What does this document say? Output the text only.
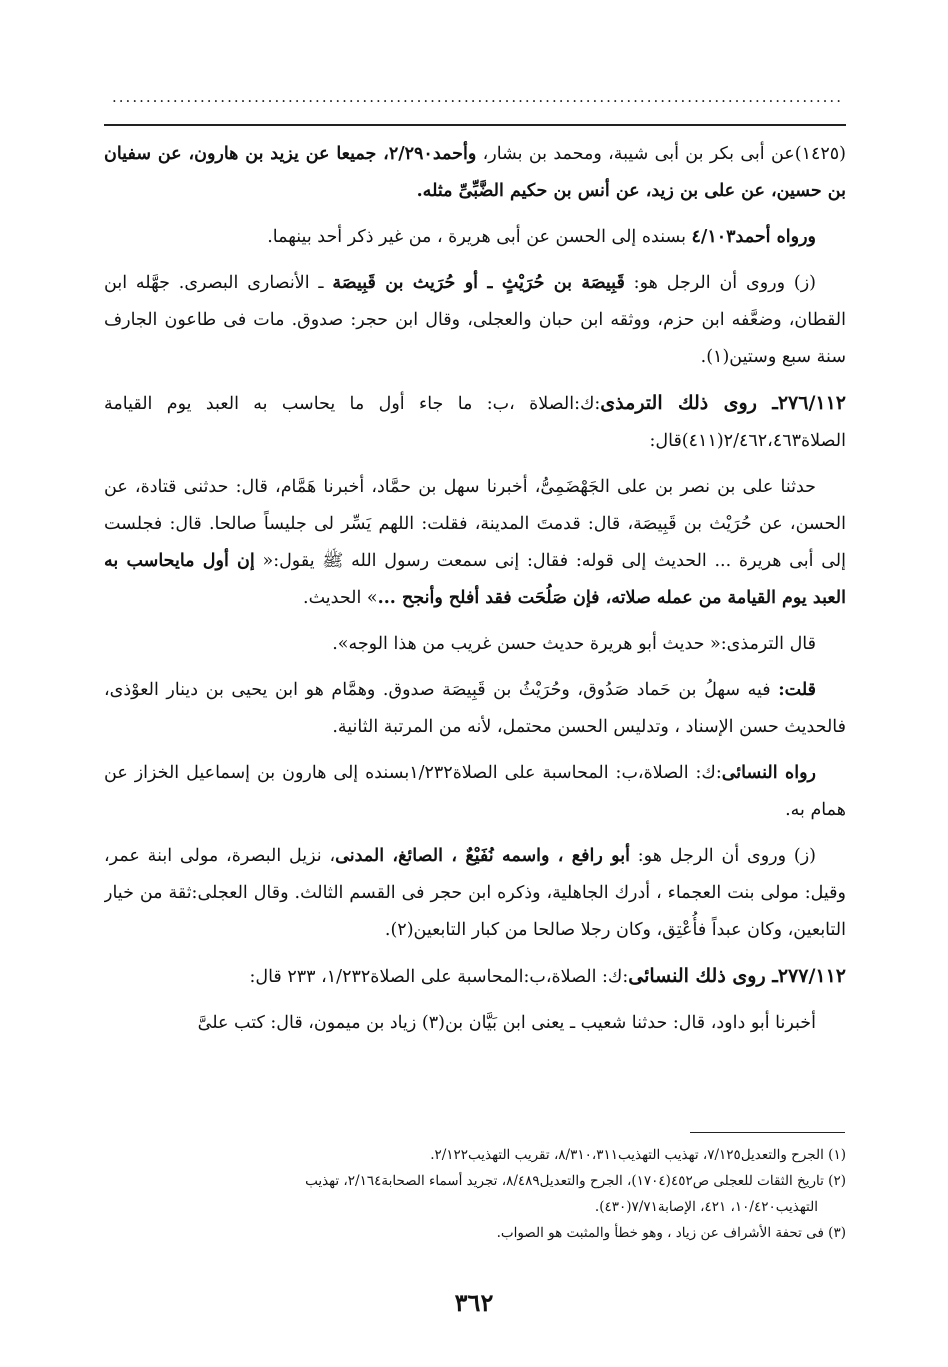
............................................................................................................

(١٤٢٥)عن أبى بكر بن أبى شيبة، ومحمد بن بشار، وأحمد٢/٢٩٠، جميعا عن يزيد بن هارون، عن سفيان بن حسين، عن على بن زيد، عن أنس بن حكيم الضَّبِّىِّ مثله.

ورواه أحمد٤/١٠٣ بسنده إلى الحسن عن أبى هريرة ، من غير ذكر أحد بينهما.

(ز) وروى أن الرجل هو: قَبِيصَة بن حُرَيْثٍ ـ أو حُرَيث بن قَبِيصَة ـ الأنصارى البصرى. جهَّله ابن القطان، وضعَّفه ابن حزم، ووثقه ابن حبان والعجلى، وقال ابن حجر: صدوق. مات فى طاعون الجارف سنة سبع وستين(١).

٢٧٦/١١٢ـ روى ذلك الترمذى:ك:الصلاة ،ب: ما جاء أول ما يحاسب به العبد يوم القيامة الصلاة٢/٤٦٢،٤٦٣(٤١١)قال:

حدثنا على بن نصر بن على الجَهْضَمِىُّ، أخبرنا سهل بن حمَّاد، أخبرنا هَمَّام، قال: حدثنى قتادة، عن الحسن، عن حُرَيْث بن قَبِيصَة، قال: قدمتَ المدينة، فقلت: اللهم يَسِّر لى جليساً صالحا. قال: فجلست إلى أبى هريرة ... الحديث إلى قوله: فقال: إنى سمعت رسول الله ﷺ يقول:« إن أول مايحاسب به العبد يوم القيامة من عمله صلاته، فإن صَلُحَت فقد أفلح وأنجح ...» الحديث.

قال الترمذى:« حديث أبو هريرة حديث حسن غريب من هذا الوجه».

قلت: فيه سهلُ بن حَماد صَدُوق، وحُرَيْثُ بن قَبِيصَة صدوق. وهمَّام هو ابن يحيى بن دينار العوْذى، فالحديث حسن الإسناد ، وتدليس الحسن محتمل، لأنه من المرتبة الثانية.

رواه النسائى:ك: الصلاة،ب: المحاسبة على الصلاة١/٢٣٢بسنده إلى هارون بن إسماعيل الخزاز عن همام به.

(ز) وروى أن الرجل هو: أبو رافع ، واسمه نُفَيْعٌ ، الصائغ، المدنى، نزيل البصرة، مولى ابنة عمر، وقيل: مولى بنت العجماء ، أدرك الجاهلية، وذكره ابن حجر فى القسم الثالث. وقال العجلى:ثقة من خيار التابعين، وكان عبداً فأُعْتِق، وكان رجلا صالحا من كبار التابعين(٢).

٢٧٧/١١٢ـ روى ذلك النسائى:ك: الصلاة،ب:المحاسبة على الصلاة١/٢٣٢، ٢٣٣ قال:

أخبرنا أبو داود، قال: حدثنا شعيب ـ يعنى ابن بَيَّان بن(٣) زياد بن ميمون، قال: كتب علىَّ

(١) الجرح والتعديل٧/١٢٥، تهذيب التهذيب٨/٣١٠،٣١١، تقريب التهذيب٢/١٢٢.

(٢) تاريخ الثقات للعجلى ص٤٥٢(١٧٠٤)، الجرح والتعديل٨/٤٨٩، تجريد أسماء الصحابة٢/١٦٤، تهذيب

التهذيب١٠/٤٢٠، ٤٢١، الإصابة٧/٧١(٤٣٠).

(٣) فى تحفة الأشراف عن زياد ، وهو خطأ والمثبت هو الصواب.

٣٦٢
